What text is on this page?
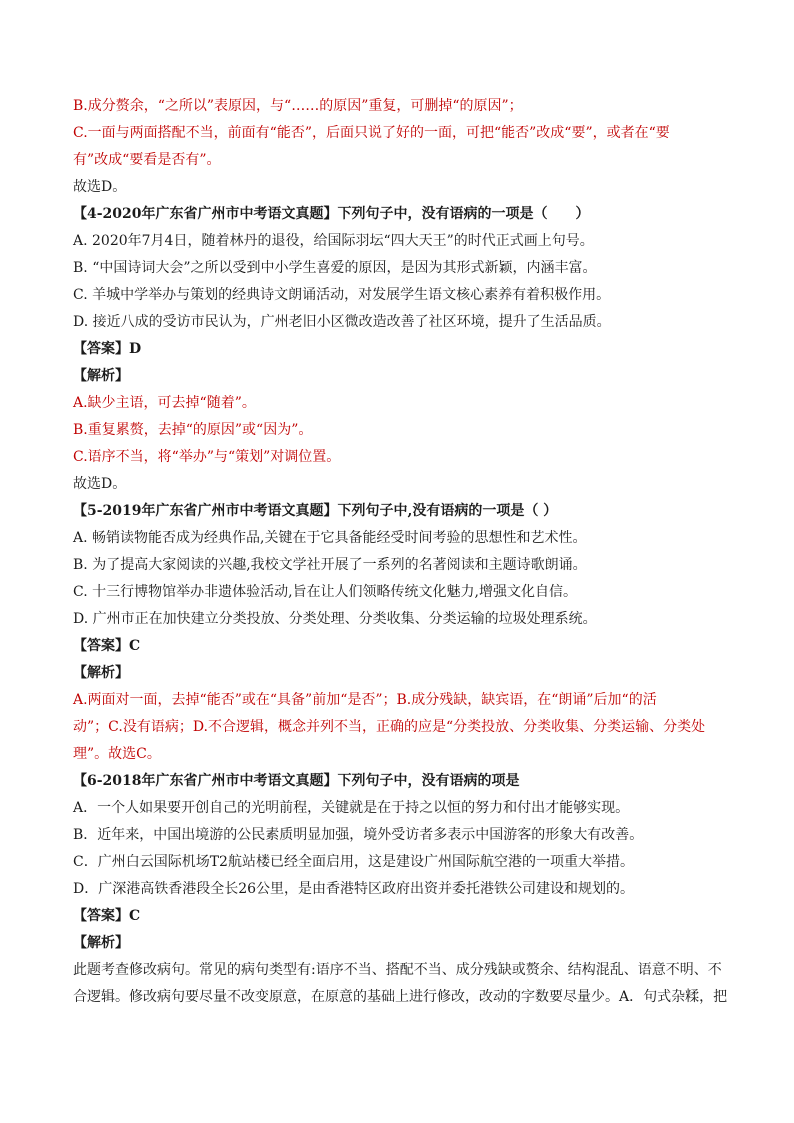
B.成分赘余，“之所以”表原因，与“……的原因”重复，可删掉“的原因”；
C.一面与两面搭配不当，前面有“能否”，后面只说了好的一面，可把“能否”改成“要”，或者在“要
有”改成“要看是否有”。
故选D。
【4-2020年广东省广州市中考语文真题】下列句子中，没有语病的一项是（　　）
A. 2020年7月4日，随着林丹的退役，给国际羽坛“四大天王”的时代正式画上句号。
B. “中国诗词大会”之所以受到中小学生喜爱的原因，是因为其形式新颖，内涵丰富。
C. 羊城中学举办与策划的经典诗文朗诵活动，对发展学生语文核心素养有着积极作用。
D. 接近八成的受访市民认为，广州老旧小区微改造改善了社区环境，提升了生活品质。
【答案】D
【解析】
A.缺少主语，可去掉“随着”。
B.重复累赘，去掉“的原因”或“因为”。
C.语序不当，将“举办”与“策划”对调位置。
故选D。
【5-2019年广东省广州市中考语文真题】下列句子中,没有语病的一项是（ ）
A. 畅销读物能否成为经典作品,关键在于它具备能经受时间考验的思想性和艺术性。
B. 为了提高大家阅读的兴趣,我校文学社开展了一系列的名著阅读和主题诗歌朗诵。
C. 十三行博物馆举办非遗体验活动,旨在让人们领略传统文化魅力,增强文化自信。
D. 广州市正在加快建立分类投放、分类处理、分类收集、分类运输的垃圾处理系统。
【答案】C
【解析】
A.两面对一面，去掉“能否”或在“具备”前加“是否”；B.成分残缺，缺宾语，在“朗诵”后加“的活
动”；C.没有语病；D.不合逻辑，概念并列不当，正确的应是“分类投放、分类收集、分类运输、分类处
理”。故选C。
【6-2018年广东省广州市中考语文真题】下列句子中，没有语病的项是
A．一个人如果要开创自己的光明前程，关键就是在于持之以恒的努力和付出才能够实现。
B．近年来，中国出境游的公民素质明显加强，境外受访者多表示中国游客的形象大有改善。
C．广州白云国际机场T2航站楼已经全面启用，这是建设广州国际航空港的一项重大举措。
D．广深港高铁香港段全长26公里，是由香港特区政府出资并委托港铁公司建设和规划的。
【答案】C
【解析】
此题考查修改病句。常见的病句类型有:语序不当、搭配不当、成分残缺或赘余、结构混乱、语意不明、不
合逻辑。修改病句要尽量不改变原意，在原意的基础上进行修改，改动的字数要尽量少。A．句式杂糅，把
